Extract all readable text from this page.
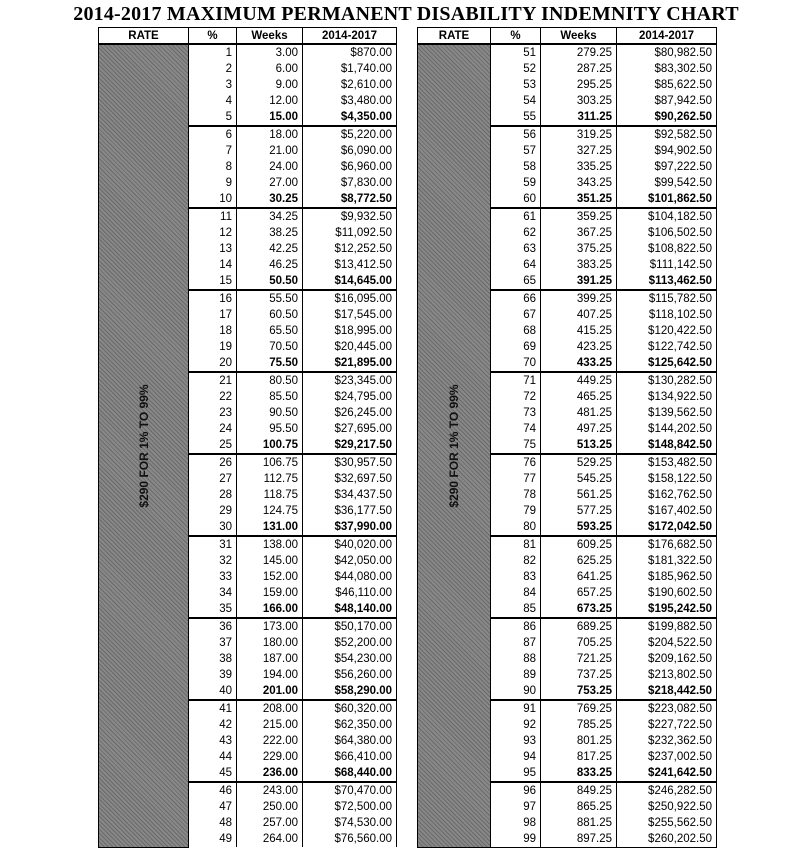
2014-2017 MAXIMUM PERMANENT DISABILITY INDEMNITY CHART
RATE	%	Weeks	2014-2017

$290 FOR 1% TO 99%	1	3.00	$870.00
	2	6.00	$1,740.00
	3	9.00	$2,610.00
	4	12.00	$3,480.00
	5	15.00	$4,350.00
	6	18.00	$5,220.00
	7	21.00	$6,090.00
	8	24.00	$6,960.00
	9	27.00	$7,830.00
	10	30.25	$8,772.50
	11	34.25	$9,932.50
	12	38.25	$11,092.50
	13	42.25	$12,252.50
	14	46.25	$13,412.50
	15	50.50	$14,645.00
	16	55.50	$16,095.00
	17	60.50	$17,545.00
	18	65.50	$18,995.00
	19	70.50	$20,445.00
	20	75.50	$21,895.00
	21	80.50	$23,345.00
	22	85.50	$24,795.00
	23	90.50	$26,245.00
	24	95.50	$27,695.00
	25	100.75	$29,217.50
	26	106.75	$30,957.50
	27	112.75	$32,697.50
	28	118.75	$34,437.50
	29	124.75	$36,177.50
	30	131.00	$37,990.00
	31	138.00	$40,020.00
	32	145.00	$42,050.00
	33	152.00	$44,080.00
	34	159.00	$46,110.00
	35	166.00	$48,140.00
	36	173.00	$50,170.00
	37	180.00	$52,200.00
	38	187.00	$54,230.00
	39	194.00	$56,260.00
	40	201.00	$58,290.00
	41	208.00	$60,320.00
	42	215.00	$62,350.00
	43	222.00	$64,380.00
	44	229.00	$66,410.00
	45	236.00	$68,440.00
	46	243.00	$70,470.00
	47	250.00	$72,500.00
	48	257.00	$74,530.00
	49	264.00	$76,560.00
RATE	%	Weeks	2014-2017

$290 FOR 1% TO 99%	51	279.25	$80,982.50
	52	287.25	$83,302.50
	53	295.25	$85,622.50
	54	303.25	$87,942.50
	55	311.25	$90,262.50
	56	319.25	$92,582.50
	57	327.25	$94,902.50
	58	335.25	$97,222.50
	59	343.25	$99,542.50
	60	351.25	$101,862.50
	61	359.25	$104,182.50
	62	367.25	$106,502.50
	63	375.25	$108,822.50
	64	383.25	$111,142.50
	65	391.25	$113,462.50
	66	399.25	$115,782.50
	67	407.25	$118,102.50
	68	415.25	$120,422.50
	69	423.25	$122,742.50
	70	433.25	$125,642.50
	71	449.25	$130,282.50
	72	465.25	$134,922.50
	73	481.25	$139,562.50
	74	497.25	$144,202.50
	75	513.25	$148,842.50
	76	529.25	$153,482.50
	77	545.25	$158,122.50
	78	561.25	$162,762.50
	79	577.25	$167,402.50
	80	593.25	$172,042.50
	81	609.25	$176,682.50
	82	625.25	$181,322.50
	83	641.25	$185,962.50
	84	657.25	$190,602.50
	85	673.25	$195,242.50
	86	689.25	$199,882.50
	87	705.25	$204,522.50
	88	721.25	$209,162.50
	89	737.25	$213,802.50
	90	753.25	$218,442.50
	91	769.25	$223,082.50
	92	785.25	$227,722.50
	93	801.25	$232,362.50
	94	817.25	$237,002.50
	95	833.25	$241,642.50
	96	849.25	$246,282.50
	97	865.25	$250,922.50
	98	881.25	$255,562.50
	99	897.25	$260,202.50
